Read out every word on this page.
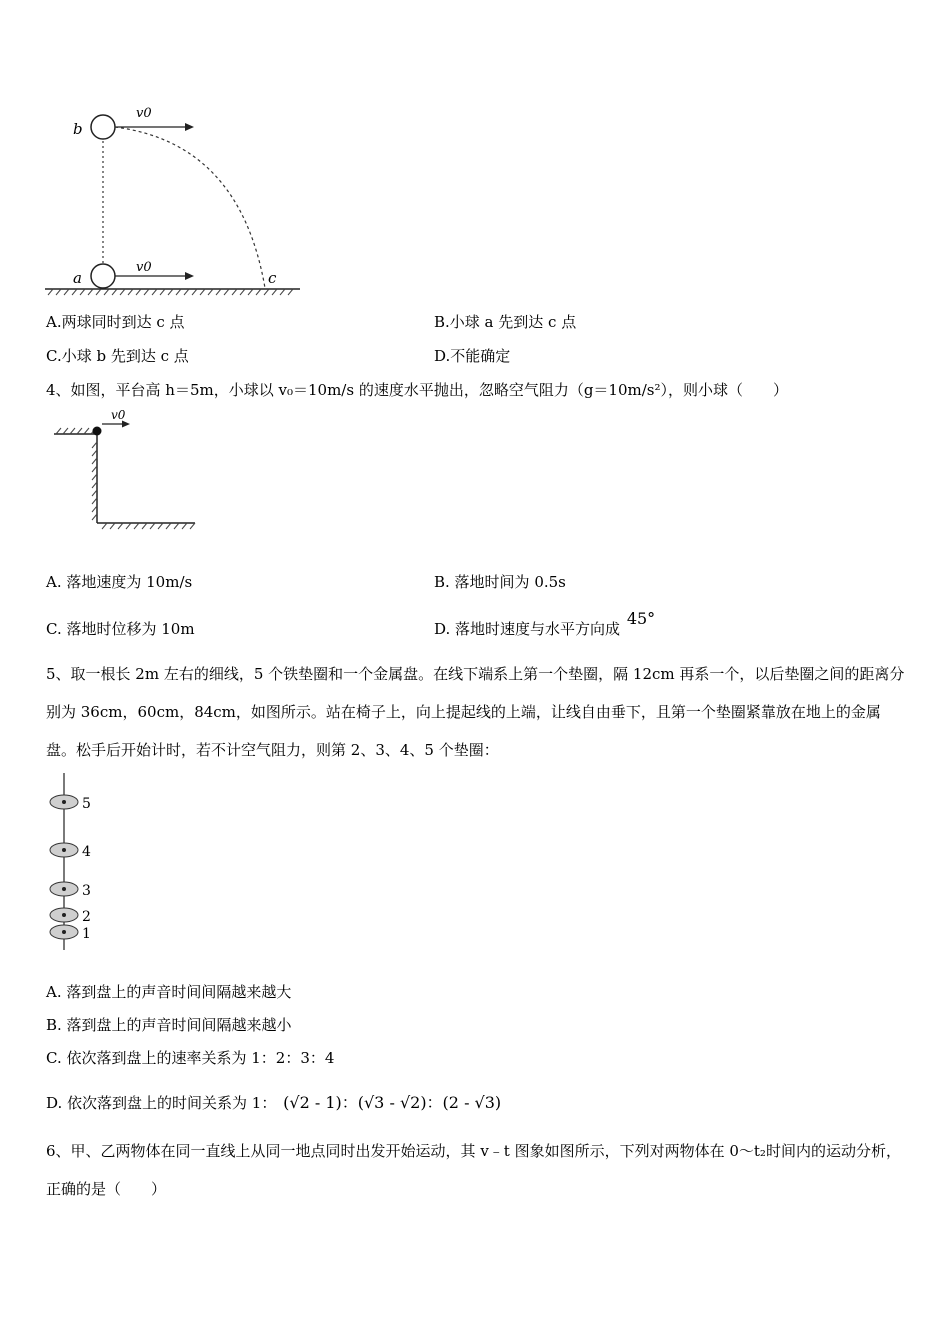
b
a	c
v0
v0
A.两球同时到达 c 点	B.小球 a 先到达 c 点
C.小球 b 先到达 c 点	D.不能确定
4、如图，平台高 h＝5m，小球以 v₀＝10m/s 的速度水平抛出，忽略空气阻力（g＝10m/s²），则小球（　　）
v0
A. 落地速度为 10m/s	B. 落地时间为 0.5s
C. 落地时位移为 10m	D. 落地时速度与水平方向成 45°
5、取一根长 2m 左右的细线，5 个铁垫圈和一个金属盘。在线下端系上第一个垫圈，隔 12cm 再系一个，以后垫圈之间的距离分别为 36cm，60cm，84cm，如图所示。站在椅子上，向上提起线的上端，让线自由垂下，且第一个垫圈紧靠放在地上的金属盘。松手后开始计时，若不计空气阻力，则第 2、3、4、5 个垫圈：
5
4
3
2
1
A. 落到盘上的声音时间间隔越来越大
B. 落到盘上的声音时间间隔越来越小
C. 依次落到盘上的速率关系为 1：2：3：4
D. 依次落到盘上的时间关系为 1： (√2 - 1)：(√3 - √2)：(2 - √3)
6、甲、乙两物体在同一直线上从同一地点同时出发开始运动，其 v﹣t 图象如图所示，下列对两物体在 0～t₂时间内的运动分析，正确的是（　　）
